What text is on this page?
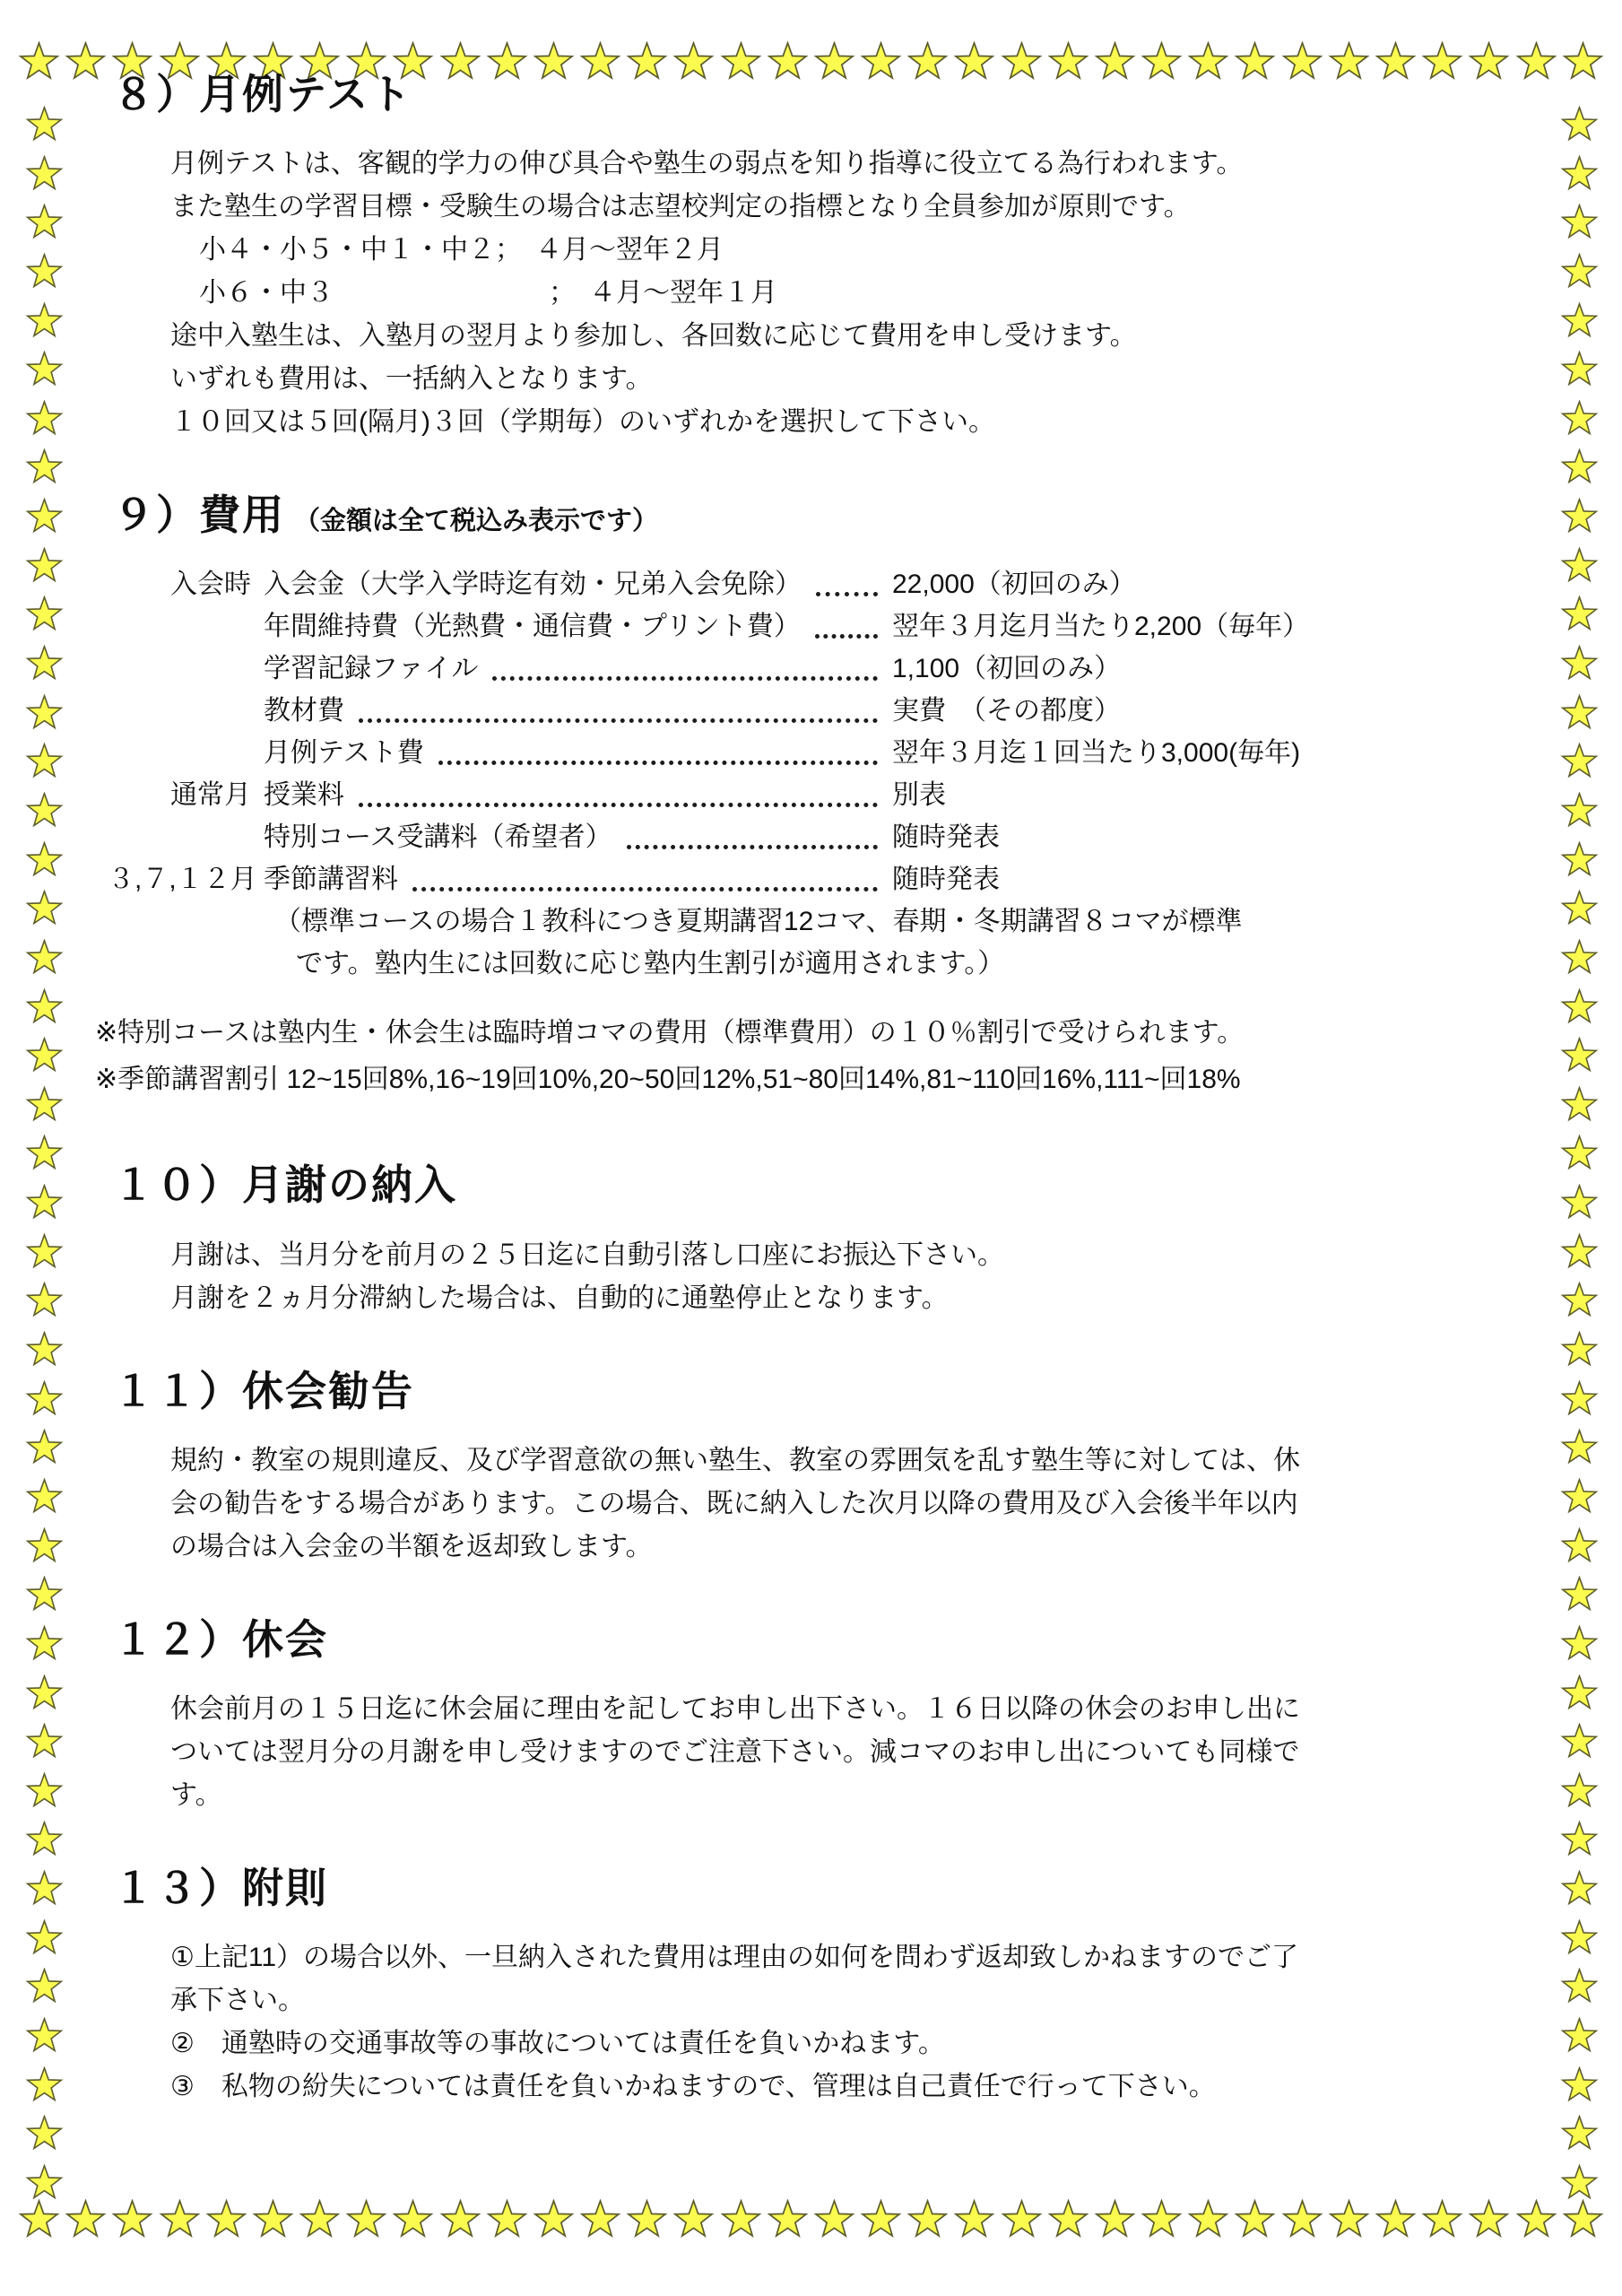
８）月例テスト
月例テストは、客観的学力の伸び具合や塾生の弱点を知り指導に役立てる為行われます。
また塾生の学習目標・受験生の場合は志望校判定の指標となり全員参加が原則です。
小４・小５・中１・中２；　４月～翌年２月
小６・中３　　　　　　　　；　４月～翌年１月
途中入塾生は、入塾月の翌月より参加し、各回数に応じて費用を申し受けます。
いずれも費用は、一括納入となります。
１０回又は５回(隔月)３回（学期毎）のいずれかを選択して下さい。
９）費用 （金額は全て税込み表示です）
入会時 入会金（大学入学時迄有効・兄弟入会免除）	22,000（初回のみ）
年間維持費（光熱費・通信費・プリント費）	翌年３月迄月当たり2,200（毎年）
学習記録ファイル	1,100（初回のみ）
教材費	実費　（その都度）
月例テスト費	翌年３月迄１回当たり3,000(毎年)
通常月 授業料	別表
特別コース受講料（希望者）	随時発表
３,７,１２月 季節講習料	随時発表
（標準コースの場合１教科につき夏期講習12コマ、春期・冬期講習８コマが標準
です。塾内生には回数に応じ塾内生割引が適用されます。）
※特別コースは塾内生・休会生は臨時増コマの費用（標準費用）の１０％割引で受けられます。
※季節講習割引 12~15回8%,16~19回10%,20~50回12%,51~80回14%,81~110回16%,111~回18%
１０）月謝の納入
月謝は、当月分を前月の２５日迄に自動引落し口座にお振込下さい。
月謝を２ヵ月分滞納した場合は、自動的に通塾停止となります。
１１）休会勧告
規約・教室の規則違反、及び学習意欲の無い塾生、教室の雰囲気を乱す塾生等に対しては、休
会の勧告をする場合があります。この場合、既に納入した次月以降の費用及び入会後半年以内
の場合は入会金の半額を返却致します。
１２）休会
休会前月の１５日迄に休会届に理由を記してお申し出下さい。１６日以降の休会のお申し出に
ついては翌月分の月謝を申し受けますのでご注意下さい。減コマのお申し出についても同様で
す。
１３）附則
①上記11）の場合以外、一旦納入された費用は理由の如何を問わず返却致しかねますのでご了
承下さい。
②　通塾時の交通事故等の事故については責任を負いかねます。
③　私物の紛失については責任を負いかねますので、管理は自己責任で行って下さい。
